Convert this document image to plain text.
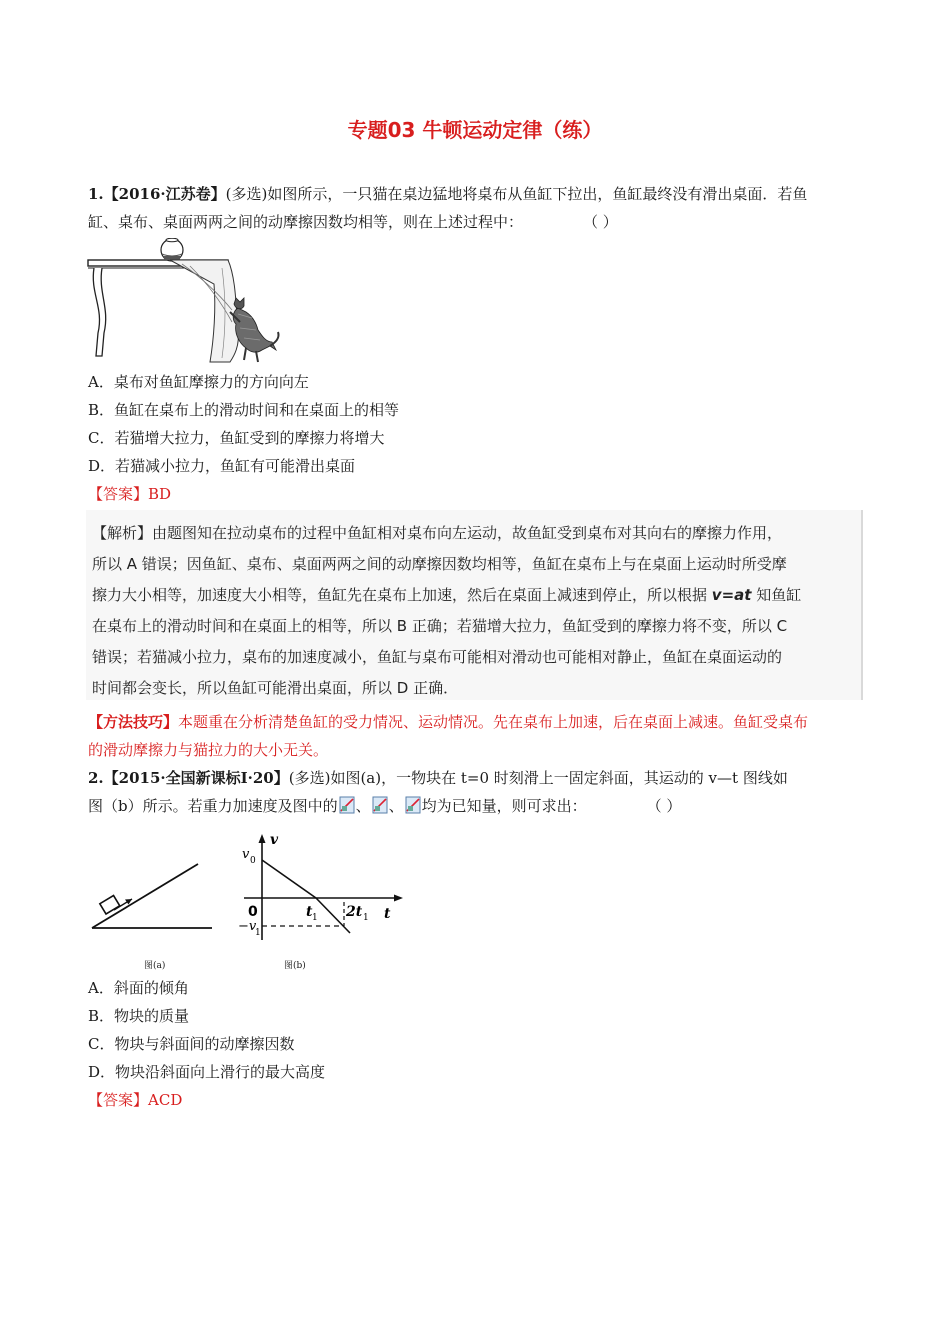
专题03 牛顿运动定律（练）
1.【2016·江苏卷】(多选)如图所示，一只猫在桌边猛地将桌布从鱼缸下拉出，鱼缸最终没有滑出桌面．若鱼
缸、桌布、桌面两两之间的动摩擦因数均相等，则在上述过程中：	（ ）
A．桌布对鱼缸摩擦力的方向向左
B．鱼缸在桌布上的滑动时间和在桌面上的相等
C．若猫增大拉力，鱼缸受到的摩擦力将增大
D．若猫减小拉力，鱼缸有可能滑出桌面
【答案】BD
【解析】由题图知在拉动桌布的过程中鱼缸相对桌布向左运动，故鱼缸受到桌布对其向右的摩擦力作用，
所以 A 错误；因鱼缸、桌布、桌面两两之间的动摩擦因数均相等，鱼缸在桌布上与在桌面上运动时所受摩
擦力大小相等，加速度大小相等，鱼缸先在桌布上加速，然后在桌面上减速到停止，所以根据 v=at 知鱼缸
在桌布上的滑动时间和在桌面上的相等，所以 B 正确；若猫增大拉力，鱼缸受到的摩擦力将不变，所以 C
错误；若猫减小拉力，桌布的加速度减小，鱼缸与桌布可能相对滑动也可能相对静止，鱼缸在桌面运动的
时间都会变长，所以鱼缸可能滑出桌面，所以 D 正确．
【方法技巧】本题重在分析清楚鱼缸的受力情况、运动情况。先在桌布上加速，后在桌面上减速。鱼缸受桌布
的滑动摩擦力与猫拉力的大小无关。
2.【2015·全国新课标Ⅰ·20】(多选)如图(a)，一物块在 t=0 时刻滑上一固定斜面，其运动的 v—t 图线如
图（b）所示。若重力加速度及图中的 、 、 均为已知量，则可求出：	（ ）
图(a)
v
t
v 0
0
−v
1
t 1 2t 1
图(b)
A．斜面的倾角
B．物块的质量
C．物块与斜面间的动摩擦因数
D．物块沿斜面向上滑行的最大高度
【答案】ACD
